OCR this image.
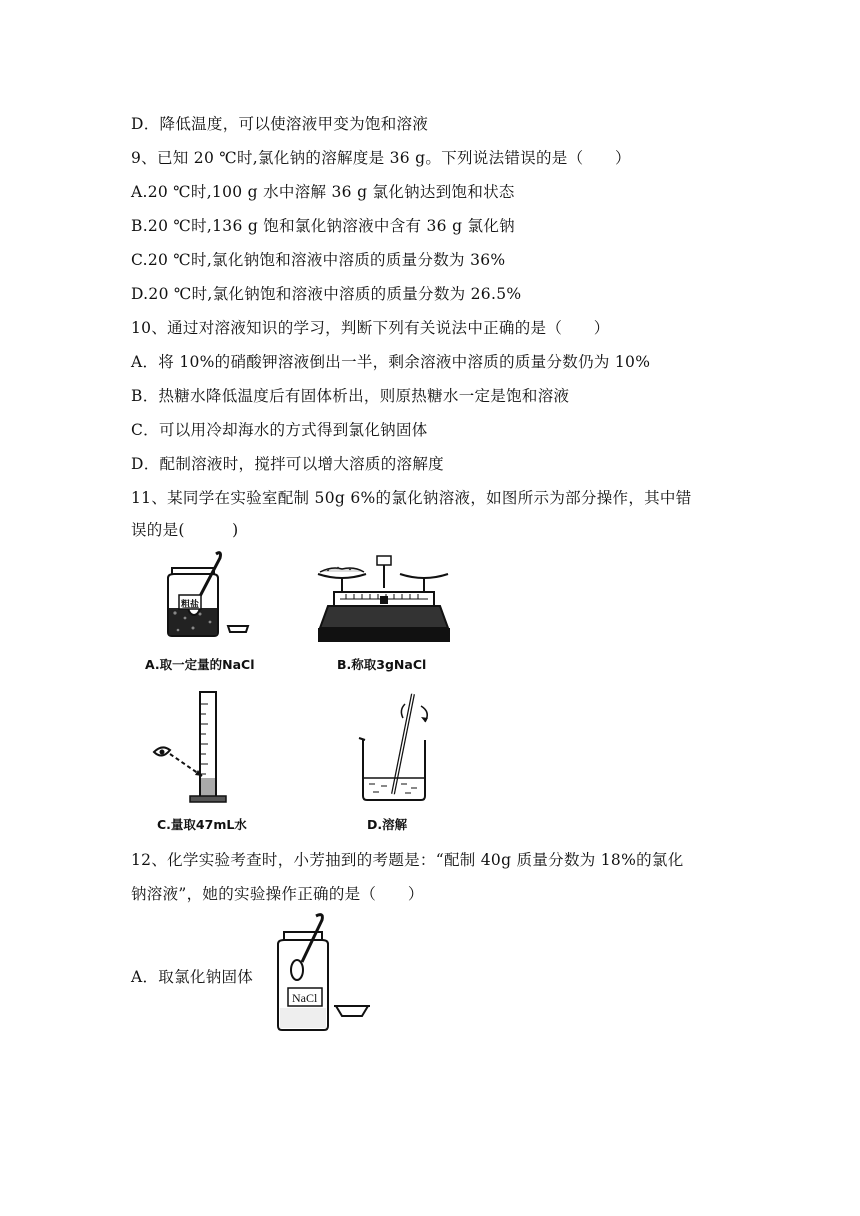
D．降低温度，可以使溶液甲变为饱和溶液
9、已知 20 ℃时,氯化钠的溶解度是 36 g。下列说法错误的是（　　）
A.20 ℃时,100 g 水中溶解 36 g 氯化钠达到饱和状态
B.20 ℃时,136 g 饱和氯化钠溶液中含有 36 g 氯化钠
C.20 ℃时,氯化钠饱和溶液中溶质的质量分数为 36%
D.20 ℃时,氯化钠饱和溶液中溶质的质量分数为 26.5%
10、通过对溶液知识的学习，判断下列有关说法中正确的是（　　）
A．将 10%的硝酸钾溶液倒出一半，剩余溶液中溶质的质量分数仍为 10%
B．热糖水降低温度后有固体析出，则原热糖水一定是饱和溶液
C．可以用冷却海水的方式得到氯化钠固体
D．配制溶液时，搅拌可以增大溶质的溶解度
11、某同学在实验室配制 50g 6%的氯化钠溶液，如图所示为部分操作，其中错
误的是(　　　)
粗盐
A.取一定量的NaCl	B.称取3gNaCl
C.量取47mL水	D.溶解
12、化学实验考查时，小芳抽到的考题是：“配制 40g 质量分数为 18%的氯化
钠溶液”，她的实验操作正确的是（　　）
A．取氯化钠固体
NaCl
